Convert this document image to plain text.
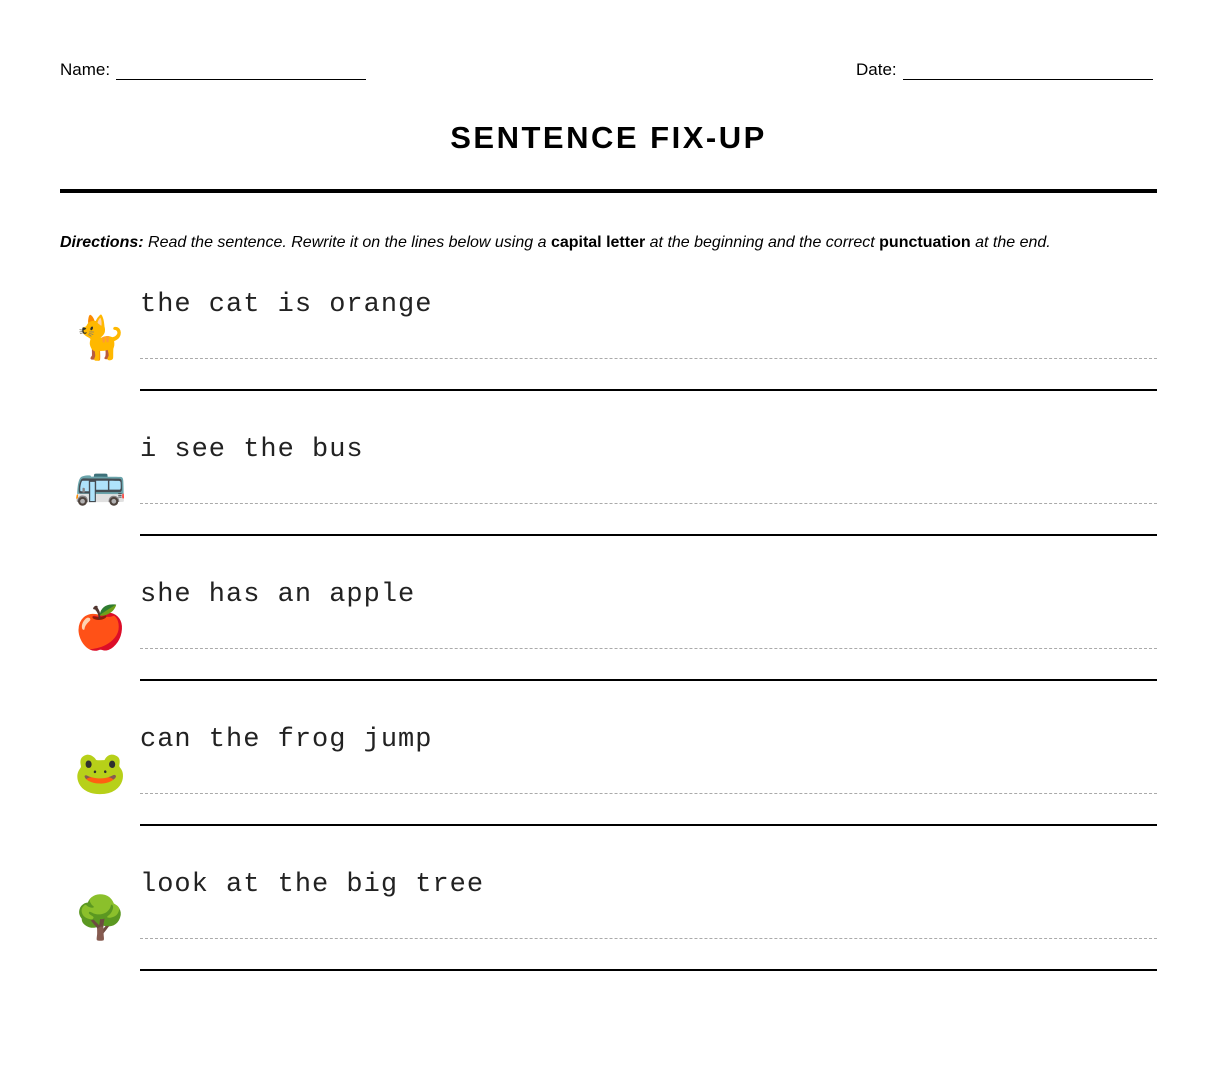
Name:	Date:
SENTENCE FIX-UP
Directions: Read the sentence. Rewrite it on the lines below using a capital letter at the beginning and the correct punctuation at the end.
🐈
the cat is orange
🚌
i see the bus
🍎
she has an apple
🐸
can the frog jump
🌳
look at the big tree
